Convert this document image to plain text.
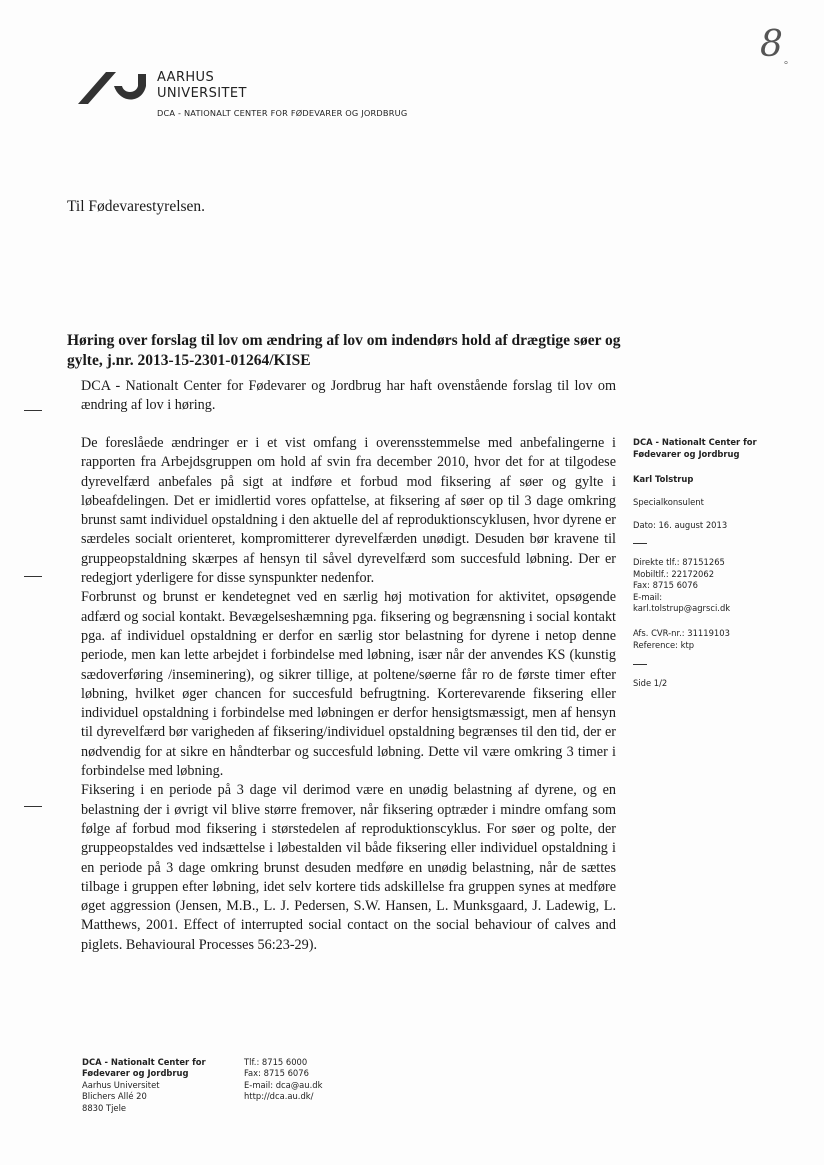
8
°
AARHUS
UNIVERSITET
DCA - NATIONALT CENTER FOR FØDEVARER OG JORDBRUG
Til Fødevarestyrelsen.
Høring over forslag til lov om ændring af lov om indendørs hold af drægtige søer og gylte, j.nr. 2013-15-2301-01264/KISE
DCA - Nationalt Center for Fødevarer og Jordbrug har haft ovenstående forslag til lov om ændring af lov i høring.

De foreslåede ændringer er i et vist omfang i overensstemmelse med anbefalingerne i rapporten fra Arbejdsgruppen om hold af svin fra december 2010, hvor det for at tilgodese dyrevelfærd anbefales på sigt at indføre et forbud mod fiksering af søer og gylte i løbeafdelingen. Det er imidlertid vores opfattelse, at fiksering af søer op til 3 dage omkring brunst samt individuel opstaldning i den aktuelle del af reproduktionscyklusen, hvor dyrene er særdeles socialt orienteret, kompromitterer dyrevelfærden unødigt. Desuden bør kravene til gruppeopstaldning skærpes af hensyn til såvel dyrevelfærd som succesfuld løbning. Der er redegjort yderligere for disse synspunkter nedenfor.

Forbrunst og brunst er kendetegnet ved en særlig høj motivation for aktivitet, opsøgende adfærd og social kontakt. Bevægelseshæmning pga. fiksering og begrænsning i social kontakt pga. af individuel opstaldning er derfor en særlig stor belastning for dyrene i netop denne periode, men kan lette arbejdet i forbindelse med løbning, især når der anvendes KS (kunstig sædoverføring /inseminering), og sikrer tillige, at poltene/søerne får ro de første timer efter løbning, hvilket øger chancen for succesfuld befrugtning. Korterevarende fiksering eller individuel opstaldning i forbindelse med løbningen er derfor hensigtsmæssigt, men af hensyn til dyrevelfærd bør varigheden af fiksering/individuel opstaldning begrænses til den tid, der er nødvendig for at sikre en håndterbar og succesfuld løbning. Dette vil være omkring 3 timer i forbindelse med løbning.

Fiksering i en periode på 3 dage vil derimod være en unødig belastning af dyrene, og en belastning der i øvrigt vil blive større fremover, når fiksering optræder i mindre omfang som følge af forbud mod fiksering i størstedelen af reproduktionscyklus. For søer og polte, der gruppeopstaldes ved indsættelse i løbestalden vil både fiksering eller individuel opstaldning i en periode på 3 dage omkring brunst desuden medføre en unødig belastning, når de sættes tilbage i gruppen efter løbning, idet selv kortere tids adskillelse fra gruppen synes at medføre øget aggression (Jensen, M.B., L. J. Pedersen, S.W. Hansen, L. Munksgaard, J. Ladewig, L. Matthews, 2001. Effect of interrupted social contact on the social behaviour of calves and piglets. Behavioural Processes 56:23-29).

DCA - Nationalt Center for
Fødevarer og Jordbrug
Karl Tolstrup
Specialkonsulent
Dato: 16. august 2013
Direkte tlf.: 87151265
Mobiltlf.: 22172062
Fax: 8715 6076
E-mail:
karl.tolstrup@agrsci.dk
Afs. CVR-nr.: 31119103
Reference: ktp
Side 1/2
DCA - Nationalt Center for
Fødevarer og Jordbrug
Aarhus Universitet
Blichers Allé 20
8830 Tjele
Tlf.: 8715 6000
Fax: 8715 6076
E-mail: dca@au.dk
http://dca.au.dk/
